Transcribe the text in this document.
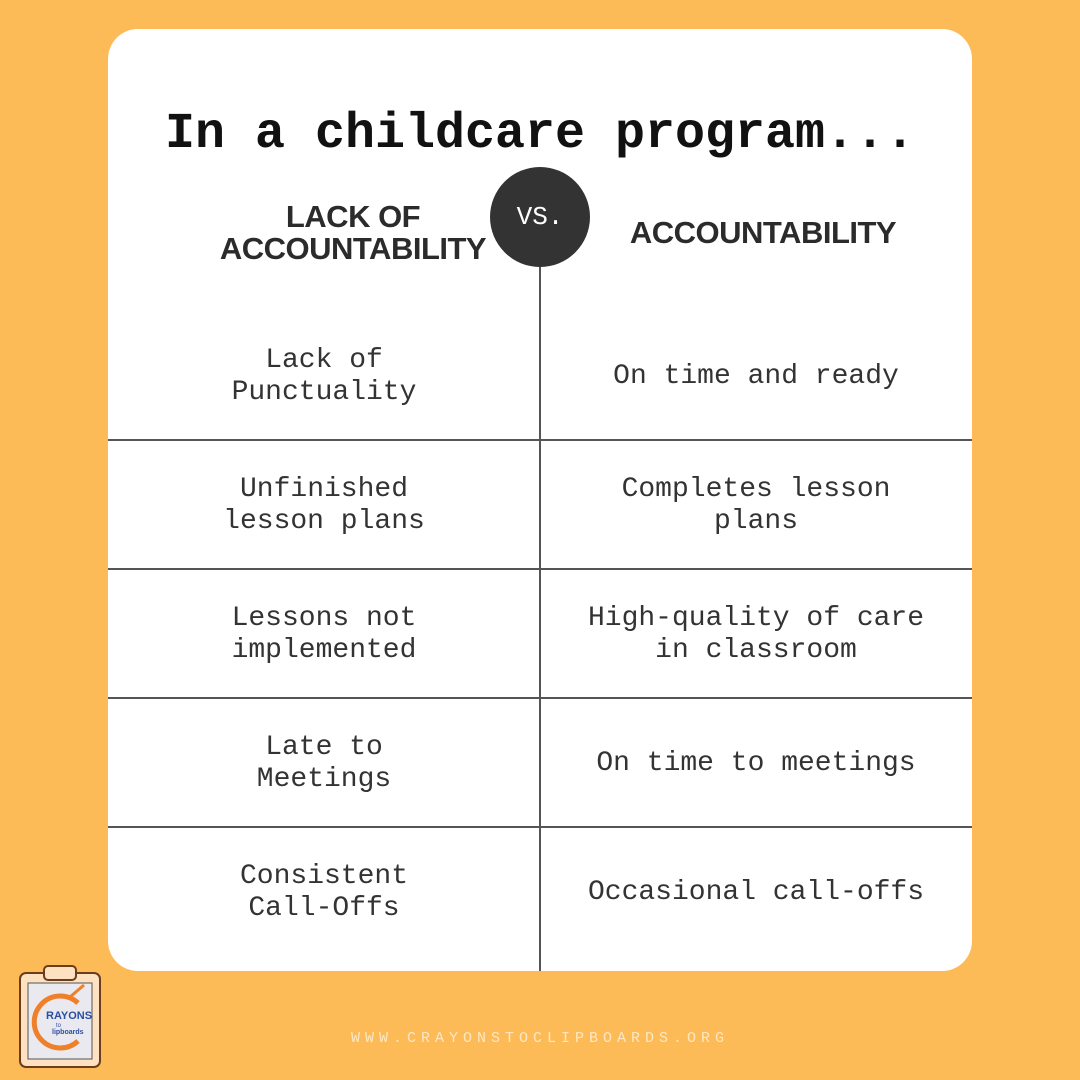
In a childcare program...
LACK OF ACCOUNTABILITY	ACCOUNTABILITY
VS.
Lack of Punctuality
On time and ready
Unfinished lesson plans
Completes lesson plans
Lessons not implemented
High-quality of care in classroom
Late to Meetings
On time to meetings
Consistent Call-Offs
Occasional call-offs
RAYONS
to
lipboards	WWW.CRAYONSTOCLIPBOARDS.ORG
